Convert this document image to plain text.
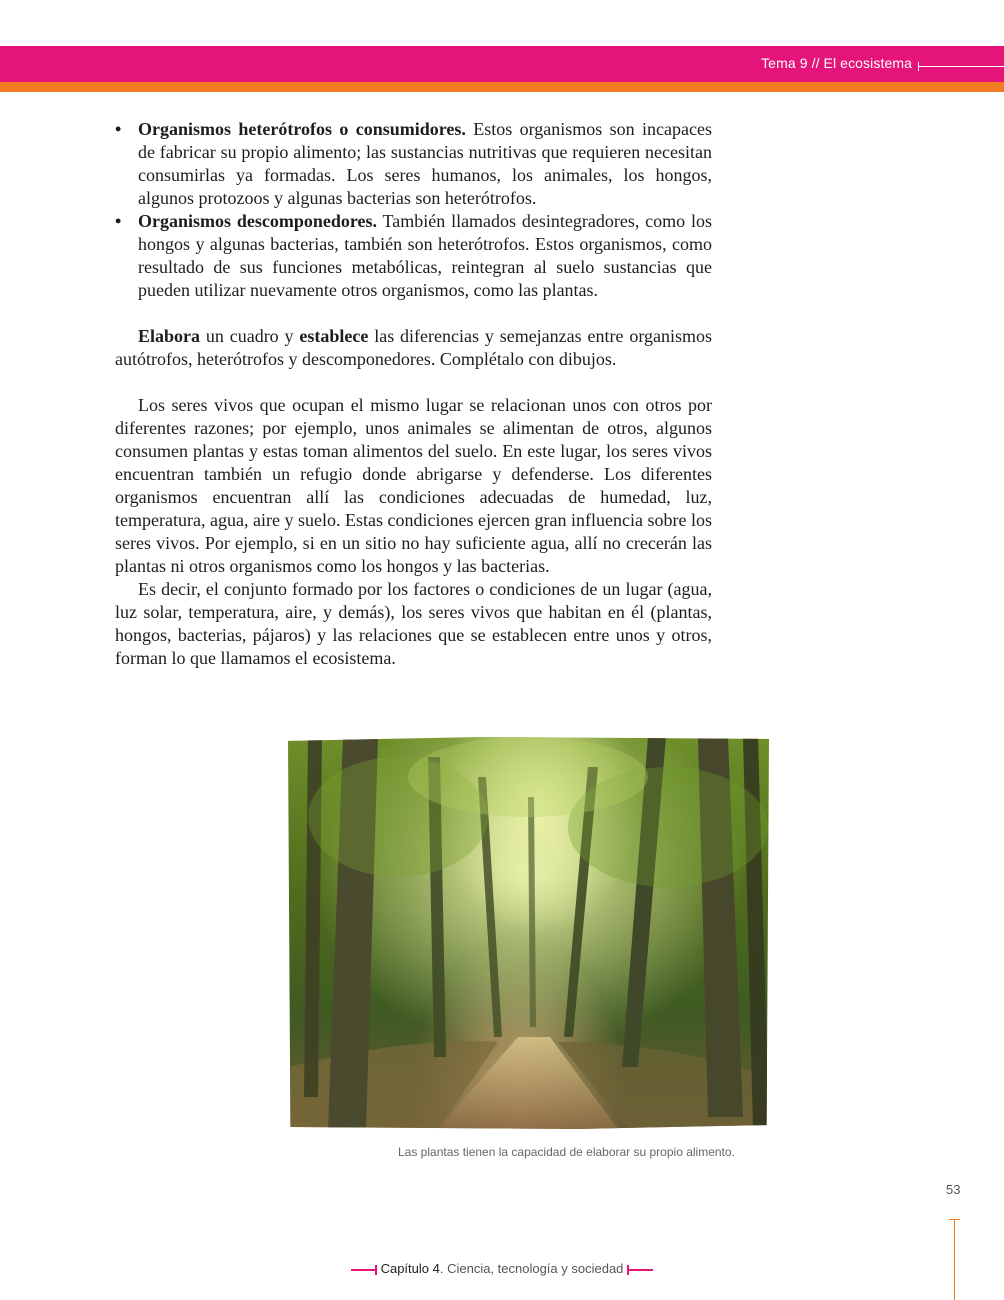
Tema 9 // El ecosistema
• Organismos heterótrofos o consumidores. Estos organismos son incapaces de fabricar su propio alimento; las sustancias nutritivas que requieren necesitan consumirlas ya formadas. Los seres humanos, los animales, los hongos, algunos protozoos y algunas bacterias son heterótrofos.
• Organismos descomponedores. También llamados desintegradores, como los hongos y algunas bacterias, también son heterótrofos. Estos organismos, como resultado de sus funciones metabólicas, reintegran al suelo sustancias que pueden utilizar nuevamente otros organismos, como las plantas.

Elabora un cuadro y establece las diferencias y semejanzas entre organismos autótrofos, heterótrofos y descomponedores. Complétalo con dibujos.

Los seres vivos que ocupan el mismo lugar se relacionan unos con otros por diferentes razones; por ejemplo, unos animales se alimentan de otros, algunos consumen plantas y estas toman alimentos del suelo. En este lugar, los seres vivos encuentran también un refugio donde abrigarse y defenderse. Los diferentes organismos encuentran allí las condiciones adecuadas de humedad, luz, temperatura, agua, aire y suelo. Estas condiciones ejercen gran influencia sobre los seres vivos. Por ejemplo, si en un sitio no hay suficiente agua, allí no crecerán las plantas ni otros organismos como los hongos y las bacterias.

Es decir, el conjunto formado por los factores o condiciones de un lugar (agua, luz solar, temperatura, aire, y demás), los seres vivos que habitan en él (plantas, hongos, bacterias, pájaros) y las relaciones que se establecen entre unos y otros, forman lo que llamamos el ecosistema.

Las plantas tienen la capacidad de elaborar su propio alimento.
53
Capítulo 4. Ciencia, tecnología y sociedad
